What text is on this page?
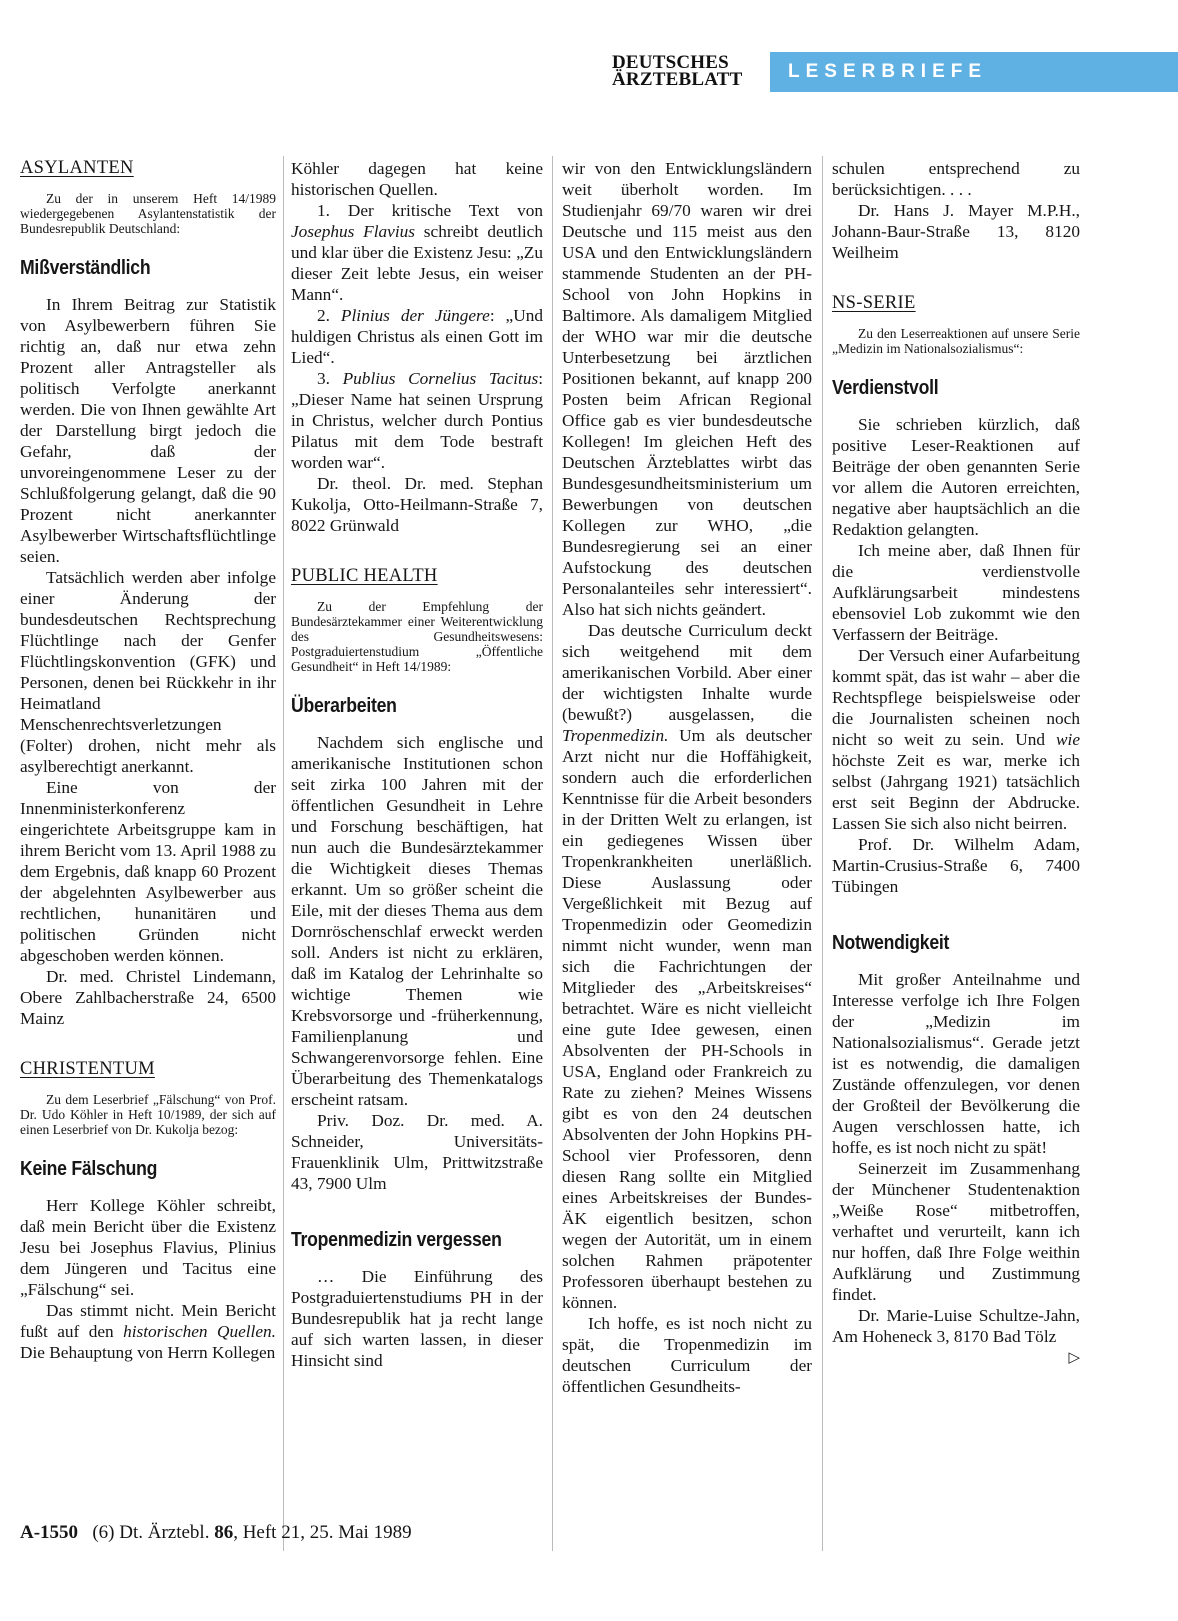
DEUTSCHES
ÄRZTEBLATT	LESERBRIEFE
ASYLANTEN
Zu der in unserem Heft 14/1989 wiedergegebenen Asylantenstatistik der Bundesrepublik Deutschland:
Mißverständlich

In Ihrem Beitrag zur Statistik von Asylbewerbern führen Sie richtig an, daß nur etwa zehn Prozent aller Antragsteller als politisch Verfolgte anerkannt werden. Die von Ihnen gewählte Art der Darstellung birgt jedoch die Gefahr, daß der unvoreingenommene Leser zu der Schlußfolgerung gelangt, daß die 90 Prozent nicht anerkannter Asylbewerber Wirtschaftsflüchtlinge seien.

Tatsächlich werden aber infolge einer Änderung der bundesdeutschen Rechtsprechung Flüchtlinge nach der Genfer Flüchtlingskonvention (GFK) und Personen, denen bei Rückkehr in ihr Heimatland Menschenrechtsverletzungen (Folter) drohen, nicht mehr als asylberechtigt anerkannt.

Eine von der Innenministerkonferenz eingerichtete Arbeitsgruppe kam in ihrem Bericht vom 13. April 1988 zu dem Ergebnis, daß knapp 60 Prozent der abgelehnten Asylbewerber aus rechtlichen, hunanitären und politischen Gründen nicht abgeschoben werden können.

Dr. med. Christel Lindemann, Obere Zahlbacherstraße 24, 6500 Mainz

CHRISTENTUM
Zu dem Leserbrief „Fälschung“ von Prof. Dr. Udo Köhler in Heft 10/1989, der sich auf einen Leserbrief von Dr. Kukolja bezog:
Keine Fälschung

Herr Kollege Köhler schreibt, daß mein Bericht über die Existenz Jesu bei Josephus Flavius, Plinius dem Jüngeren und Tacitus eine „Fälschung“ sei.

Das stimmt nicht. Mein Bericht fußt auf den historischen Quellen. Die Behauptung von Herrn Kollegen

Köhler dagegen hat keine historischen Quellen.

1. Der kritische Text von Josephus Flavius schreibt deutlich und klar über die Existenz Jesu: „Zu dieser Zeit lebte Jesus, ein weiser Mann“.

2. Plinius der Jüngere: „Und huldigen Christus als einen Gott im Lied“.

3. Publius Cornelius Tacitus: „Dieser Name hat seinen Ursprung in Christus, welcher durch Pontius Pilatus mit dem Tode bestraft worden war“.

Dr. theol. Dr. med. Stephan Kukolja, Otto-Heilmann-Straße 7, 8022 Grünwald

PUBLIC HEALTH
Zu der Empfehlung der Bundesärztekammer einer Weiterentwicklung des Gesundheitswesens: Postgraduiertenstudium „Öffentliche Gesundheit“ in Heft 14/1989:
Überarbeiten

Nachdem sich englische und amerikanische Institutionen schon seit zirka 100 Jahren mit der öffentlichen Gesundheit in Lehre und Forschung beschäftigen, hat nun auch die Bundesärztekammer die Wichtigkeit dieses Themas erkannt. Um so größer scheint die Eile, mit der dieses Thema aus dem Dornröschenschlaf erweckt werden soll. Anders ist nicht zu erklären, daß im Katalog der Lehrinhalte so wichtige Themen wie Krebsvorsorge und -früherkennung, Familienplanung und Schwangerenvorsorge fehlen. Eine Überarbeitung des Themenkatalogs erscheint ratsam.

Priv. Doz. Dr. med. A. Schneider, Universitäts-Frauenklinik Ulm, Prittwitzstraße 43, 7900 Ulm

Tropenmedizin vergessen

… Die Einführung des Postgraduiertenstudiums PH in der Bundesrepublik hat ja recht lange auf sich warten lassen, in dieser Hinsicht sind

wir von den Entwicklungsländern weit überholt worden. Im Studienjahr 69/70 waren wir drei Deutsche und 115 meist aus den USA und den Entwicklungsländern stammende Studenten an der PH-School von John Hopkins in Baltimore. Als damaligem Mitglied der WHO war mir die deutsche Unterbesetzung bei ärztlichen Positionen bekannt, auf knapp 200 Posten beim African Regional Office gab es vier bundesdeutsche Kollegen! Im gleichen Heft des Deutschen Ärzteblattes wirbt das Bundesgesundheitsministerium um Bewerbungen von deutschen Kollegen zur WHO, „die Bundesregierung sei an einer Aufstockung des deutschen Personalanteiles sehr interessiert“. Also hat sich nichts geändert.

Das deutsche Curriculum deckt sich weitgehend mit dem amerikanischen Vorbild. Aber einer der wichtigsten Inhalte wurde (bewußt?) ausgelassen, die Tropenmedizin. Um als deutscher Arzt nicht nur die Hoffähigkeit, sondern auch die erforderlichen Kenntnisse für die Arbeit besonders in der Dritten Welt zu erlangen, ist ein gediegenes Wissen über Tropenkrankheiten unerläßlich. Diese Auslassung oder Vergeßlichkeit mit Bezug auf Tropenmedizin oder Geomedizin nimmt nicht wunder, wenn man sich die Fachrichtungen der Mitglieder des „Arbeitskreises“ betrachtet. Wäre es nicht vielleicht eine gute Idee gewesen, einen Absolventen der PH-Schools in USA, England oder Frankreich zu Rate zu ziehen? Meines Wissens gibt es von den 24 deutschen Absolventen der John Hopkins PH-School vier Professoren, denn diesen Rang sollte ein Mitglied eines Arbeitskreises der Bundes-ÄK eigentlich besitzen, schon wegen der Autorität, um in einem solchen Rahmen präpotenter Professoren überhaupt bestehen zu können.

Ich hoffe, es ist noch nicht zu spät, die Tropenmedizin im deutschen Curriculum der öffentlichen Gesundheits-

schulen entsprechend zu berücksichtigen. . . .

Dr. Hans J. Mayer M.P.H., Johann-Baur-Straße 13, 8120 Weilheim

NS-SERIE
Zu den Leserreaktionen auf unsere Serie „Medizin im Nationalsozialismus“:
Verdienstvoll

Sie schrieben kürzlich, daß positive Leser-Reaktionen auf Beiträge der oben genannten Serie vor allem die Autoren erreichten, negative aber hauptsächlich an die Redaktion gelangten.

Ich meine aber, daß Ihnen für die verdienstvolle Aufklärungsarbeit mindestens ebensoviel Lob zukommt wie den Verfassern der Beiträge.

Der Versuch einer Aufarbeitung kommt spät, das ist wahr – aber die Rechtspflege beispielsweise oder die Journalisten scheinen noch nicht so weit zu sein. Und wie höchste Zeit es war, merke ich selbst (Jahrgang 1921) tatsächlich erst seit Beginn der Abdrucke. Lassen Sie sich also nicht beirren.

Prof. Dr. Wilhelm Adam, Martin-Crusius-Straße 6, 7400 Tübingen

Notwendigkeit

Mit großer Anteilnahme und Interesse verfolge ich Ihre Folgen der „Medizin im Nationalsozialismus“. Gerade jetzt ist es notwendig, die damaligen Zustände offenzulegen, vor denen der Großteil der Bevölkerung die Augen verschlossen hatte, ich hoffe, es ist noch nicht zu spät!

Seinerzeit im Zusammenhang der Münchener Studentenaktion „Weiße Rose“ mitbetroffen, verhaftet und verurteilt, kann ich nur hoffen, daß Ihre Folge weithin Aufklärung und Zustimmung findet.

Dr. Marie-Luise Schultze-Jahn, Am Hoheneck 3, 8170 Bad Tölz
▷

A-1550 (6) Dt. Ärztebl. 86, Heft 21, 25. Mai 1989
